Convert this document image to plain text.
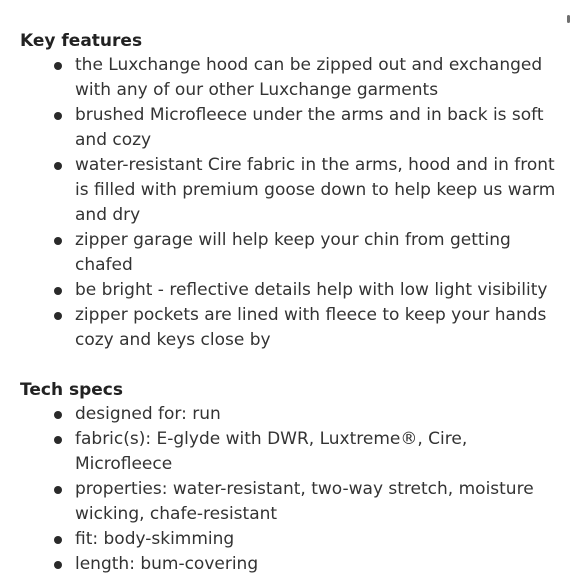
Key features
the Luxchange hood can be zipped out and exchanged with any of our other Luxchange garments
brushed Microfleece under the arms and in back is soft and cozy
water-resistant Cire fabric in the arms, hood and in front is filled with premium goose down to help keep us warm and dry
zipper garage will help keep your chin from getting chafed
be bright - reflective details help with low light visibility
zipper pockets are lined with fleece to keep your hands cozy and keys close by
Tech specs
designed for: run
fabric(s): E-glyde with DWR, Luxtreme®, Cire, Microfleece
properties: water-resistant, two-way stretch, moisture wicking, chafe-resistant
fit: body-skimming
length: bum-covering
